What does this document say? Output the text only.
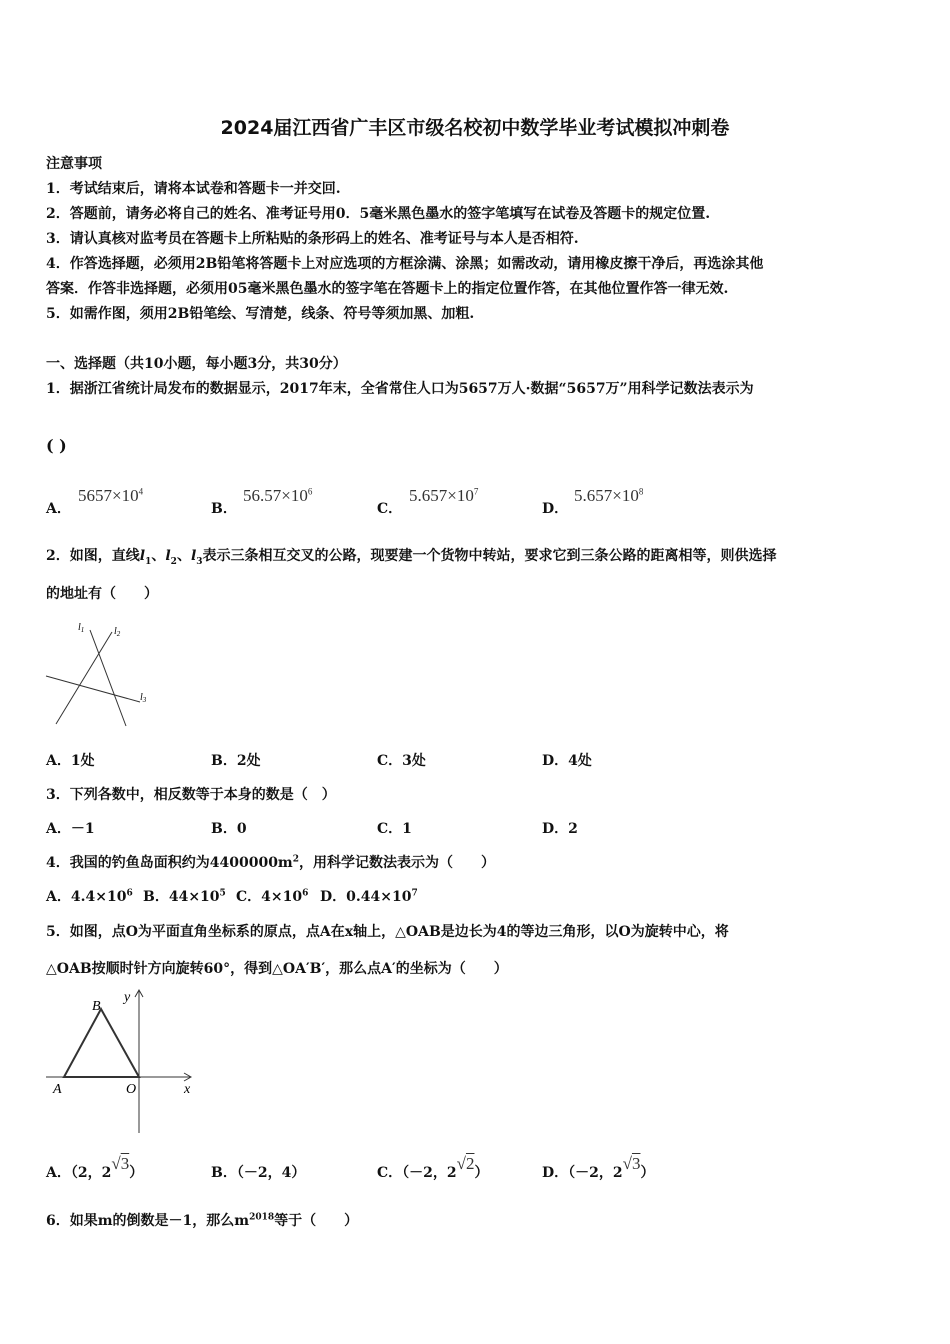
2024届江西省广丰区市级名校初中数学毕业考试模拟冲刺卷
注意事项
1．考试结束后，请将本试卷和答题卡一并交回.
2．答题前，请务必将自己的姓名、准考证号用0．5毫米黑色墨水的签字笔填写在试卷及答题卡的规定位置.
3．请认真核对监考员在答题卡上所粘贴的条形码上的姓名、准考证号与本人是否相符.
4．作答选择题，必须用2B铅笔将答题卡上对应选项的方框涂满、涂黑；如需改动，请用橡皮擦干净后，再选涂其他
答案．作答非选择题，必须用05毫米黑色墨水的签字笔在答题卡上的指定位置作答，在其他位置作答一律无效.
5．如需作图，须用2B铅笔绘、写清楚，线条、符号等须加黑、加粗.
一、选择题（共10小题，每小题3分，共30分）
1．据浙江省统计局发布的数据显示，2017年末，全省常住人口为5657万人·数据“5657万”用科学记数法表示为
( )
A．
$5657\times 10^4$
B．
$56.57\times 10^6$
C．
$5.657\times 10^7$
D．
$5.657\times 10^8$
2．如图，直线$l_1$、$l_2$、$l_3$表示三条相互交叉的公路，现要建一个货物中转站，要求它到三条公路的距离相等，则供选择
的地址有（　　）
$l_1$	$l_2$
$l_3$
A．1处	B．2处	C．3处	D．4处
3．下列各数中，相反数等于本身的数是（　）
A．－1	B．0	C．1	D．2
4．我国的钓鱼岛面积约为$4400000m^2$，用科学记数法表示为（　　）
A．$4.4\times 10^6$ B．$44\times 10^5$ C．$4\times 10^6$ D．$0.44\times 10^7$
5．如图，点O为平面直角坐标系的原点，点A在x轴上，△OAB是边长为4的等边三角形，以O为旋转中心，将
△OAB按顺时针方向旋转60°，得到△OA′B′，那么点A′的坐标为（　　）
B
y
A	O	x
A．（2，2√3）	B．（－2，4）	C．（－2，2√2）	D．（－2，2√3）
6．如果m的倒数是－1，那么$m^{2018}$等于（　　）
